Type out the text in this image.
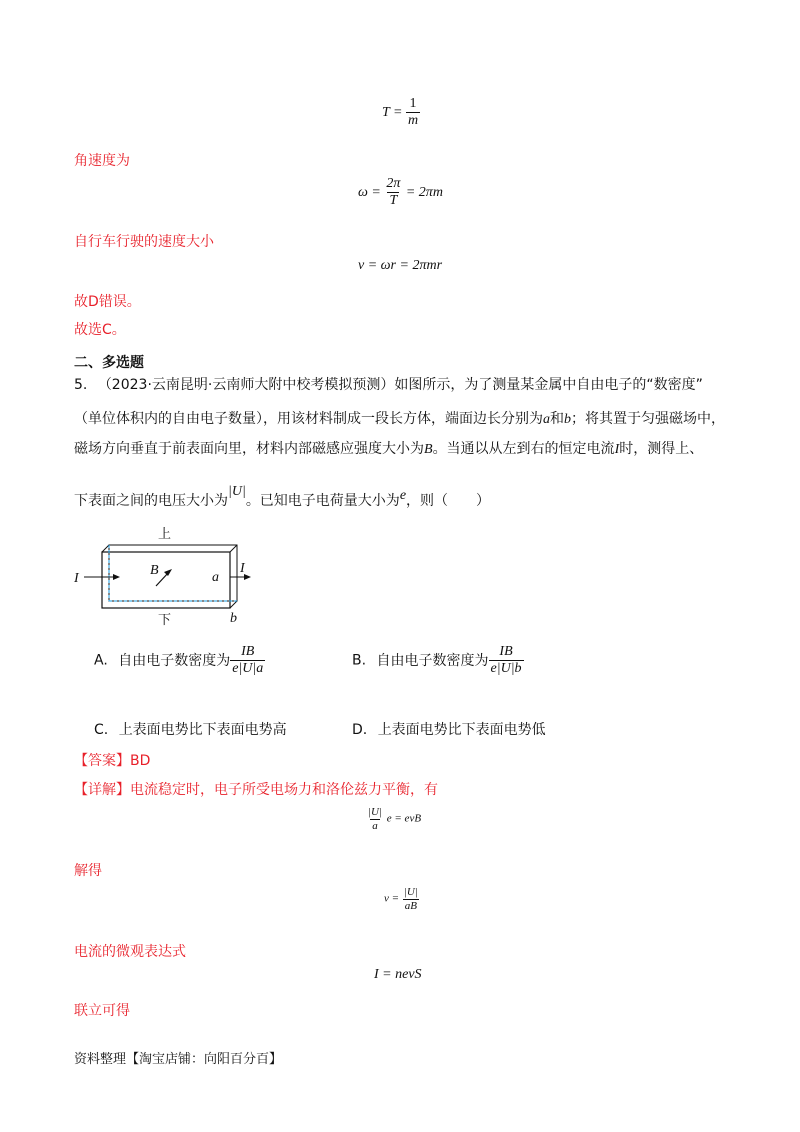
$T = \frac{1}{m}$
角速度为
$\omega = \frac{2\pi}{T} = 2\pi m$
自行车行驶的速度大小
v = ωr = 2πmr
故D错误。
故选C。
二、多选题
5. （2023·云南昆明·云南师大附中校考模拟预测）如图所示，为了测量某金属中自由电子的“数密度”
（单位体积内的自由电子数量），用该材料制成一段长方体，端面边长分别为a和b；将其置于匀强磁场中，
磁场方向垂直于前表面向里，材料内部磁感应强度大小为B。当通以从左到右的恒定电流I时，测得上、
下表面之间的电压大小为|U|。已知电子电荷量大小为e，则（　　）
上
下
I
I
B	a
b
A. 自由电子数密度为 $\frac{IB}{e|U|a}$	B. 自由电子数密度为 $\frac{IB}{e|U|b}$
C. 上表面电势比下表面电势高	D. 上表面电势比下表面电势低
【答案】BD
【详解】电流稳定时，电子所受电场力和洛伦兹力平衡，有
$\frac{|U|}{a}$ e = evB
解得
$v = \frac{|U|}{aB}$
电流的微观表达式
I = nevS
联立可得
资料整理【淘宝店铺：向阳百分百】
